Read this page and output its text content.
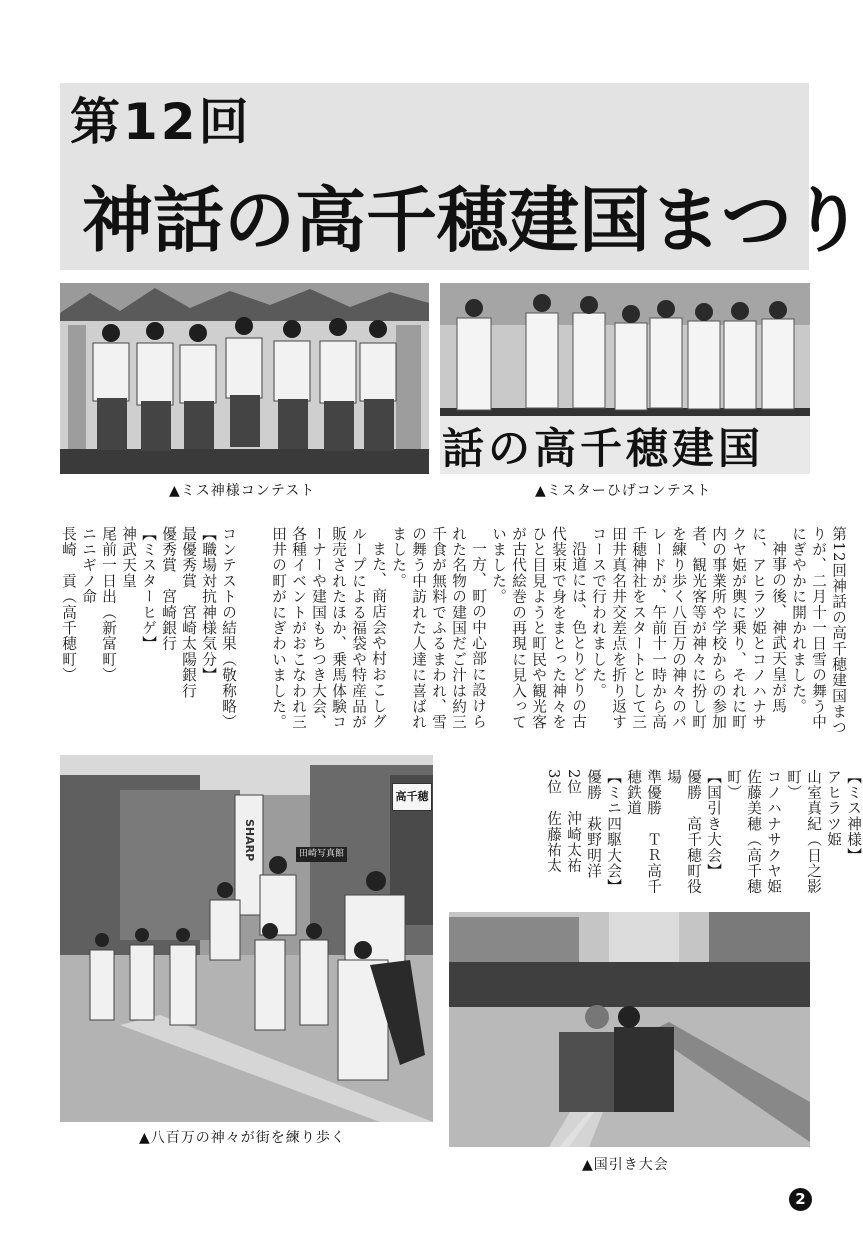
第12回
神話の高千穂建国まつり
▲ミス神様コンテスト
話の高千穂建国
▲ミスターひげコンテスト

【ミス神様】

アヒラツ姫

山室真紀（日之影町）

コノハナサクヤ姫

佐藤美穂（高千穂町）

【国引き大会】

優勝　高千穂町役場

準優勝　ＴＲ高千穂鉄道

【ミニ四駆大会】

優勝　萩野明洋

2位　沖崎太祐

3位　佐藤祐太

第12回神話の高千穂建国まつりが、二月十一日雪の舞う中にぎやかに開かれました。

神事の後、神武天皇が馬に、アヒラツ姫とコノハナサクヤ姫が輿に乗り、それに町内の事業所や学校からの参加者、観光客等が神々に扮し町を練り歩く八百万の神々のパレードが、午前十一時から高千穂神社をスタートとして三田井真名井交差点を折り返すコースで行われました。

沿道には、色とりどりの古代装束で身をまとった神々をひと目見ようと町民や観光客が古代絵巻の再現に見入っていました。

一方、町の中心部に設けられた名物の建国だご汁は約三千食が無料でふるまわれ、雪の舞う中訪れた人達に喜ばれました。

また、商店会や村おこしグループによる福袋や特産品が販売されたほか、乗馬体験コーナーや建国もちつき大会、各種イベントがおこなわれ三田井の町がにぎわいました。

コンテストの結果（敬称略）

【職場対抗神様気分】

最優秀賞　宮崎太陽銀行

優秀賞　宮崎銀行

【ミスターヒゲ】

神武天皇

尾前一日出（新富町）

ニニギノ命

長崎　貢（高千穂町）

高千穂
SHARP	田崎写真館
▲八百万の神々が街を練り歩く
▲国引き大会
2
